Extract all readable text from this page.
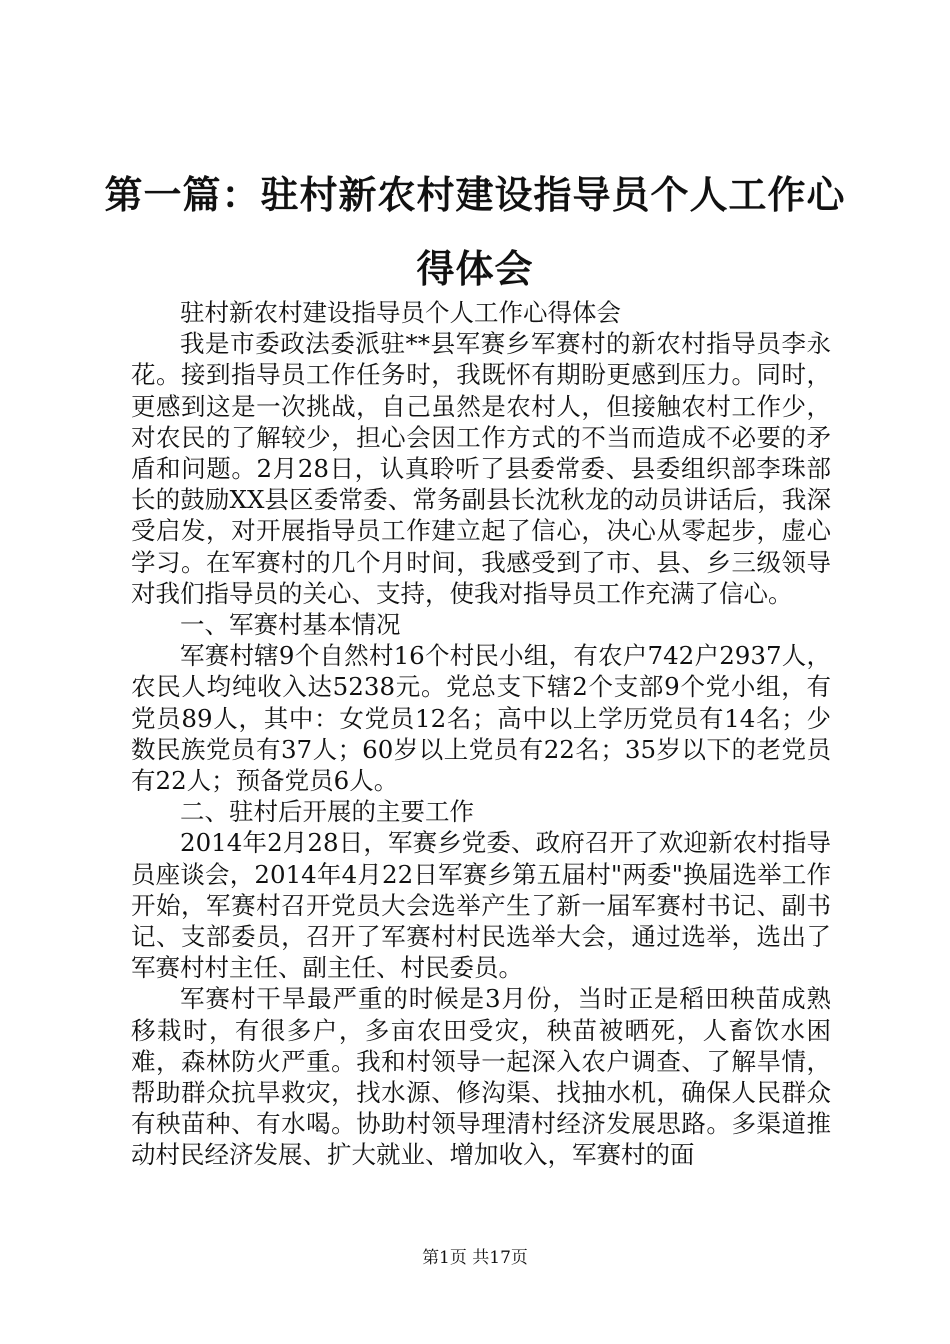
第一篇：驻村新农村建设指导员个人工作心得体会

驻村新农村建设指导员个人工作心得体会

我是市委政法委派驻**县军赛乡军赛村的新农村指导员李永花。接到指导员工作任务时，我既怀有期盼更感到压力。同时，更感到这是一次挑战，自己虽然是农村人，但接触农村工作少，对农民的了解较少，担心会因工作方式的不当而造成不必要的矛盾和问题。2月28日，认真聆听了县委常委、县委组织部李珠部长的鼓励XX县区委常委、常务副县长沈秋龙的动员讲话后，我深受启发，对开展指导员工作建立起了信心，决心从零起步，虚心学习。在军赛村的几个月时间，我感受到了市、县、乡三级领导对我们指导员的关心、支持，使我对指导员工作充满了信心。

一、军赛村基本情况

军赛村辖9个自然村16个村民小组，有农户742户2937人，农民人均纯收入达5238元。党总支下辖2个支部9个党小组，有党员89人，其中：女党员12名；高中以上学历党员有14名；少数民族党员有37人；60岁以上党员有22名；35岁以下的老党员有22人；预备党员6人。

二、驻村后开展的主要工作

2014年2月28日，军赛乡党委、政府召开了欢迎新农村指导员座谈会，2014年4月22日军赛乡第五届村"两委"换届选举工作开始，军赛村召开党员大会选举产生了新一届军赛村书记、副书记、支部委员，召开了军赛村村民选举大会，通过选举，选出了军赛村村主任、副主任、村民委员。

军赛村干旱最严重的时候是3月份，当时正是稻田秧苗成熟移栽时，有很多户，多亩农田受灾，秧苗被晒死，人畜饮水困难，森林防火严重。我和村领导一起深入农户调查、了解旱情，帮助群众抗旱救灾，找水源、修沟渠、找抽水机，确保人民群众有秧苗种、有水喝。协助村领导理清村经济发展思路。多渠道推动村民经济发展、扩大就业、增加收入，军赛村的面

第1页 共17页
